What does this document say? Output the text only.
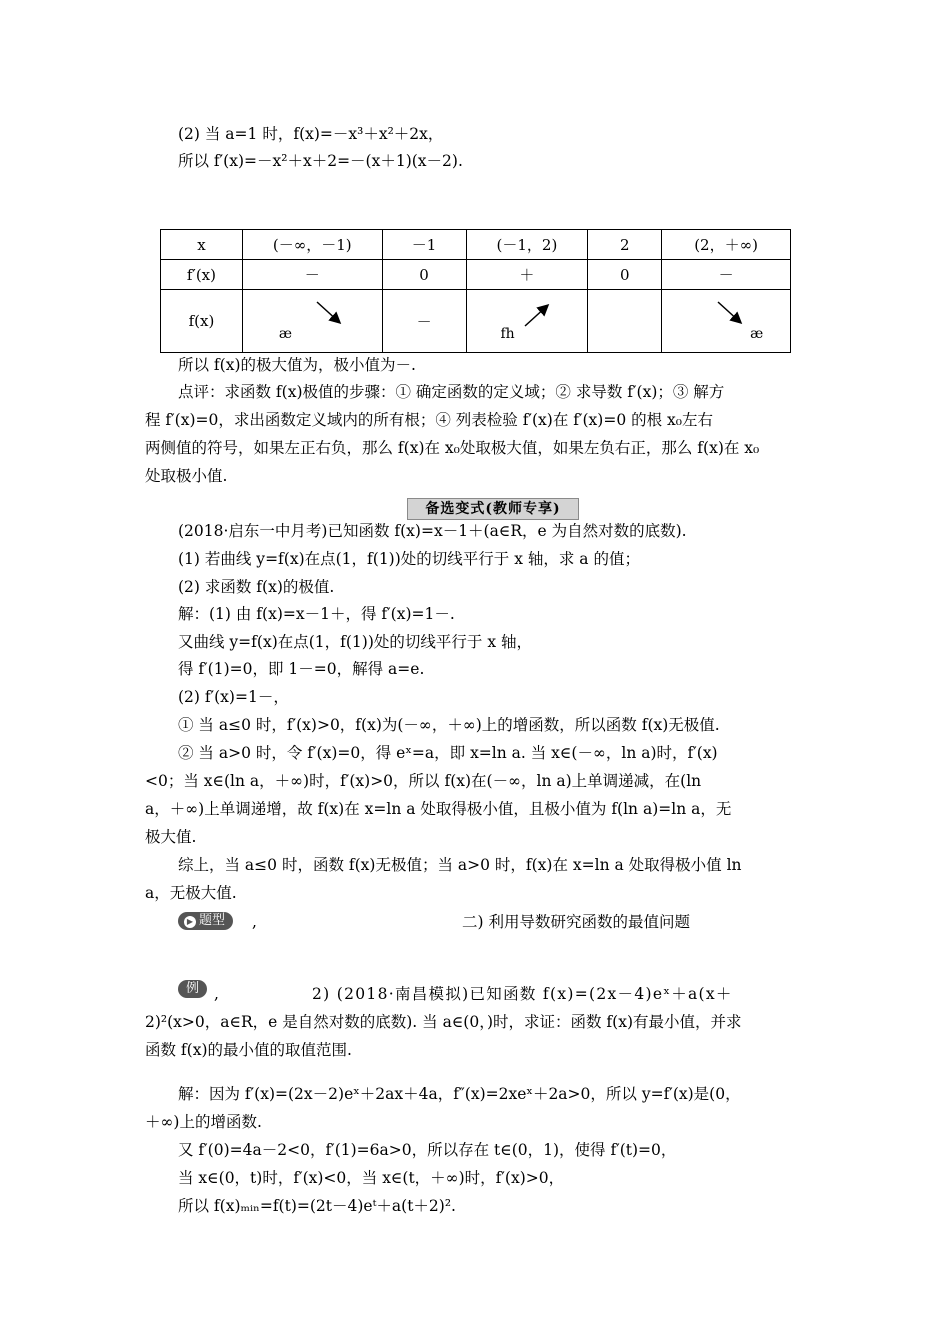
(2) 当 a=1 时，f(x)=－x³＋x²＋2x，
所以 f′(x)=－x²＋x＋2=－(x＋1)(x－2).
x	(－∞，－1)	－1	(－1，2)	2	(2，＋∞)
f′(x)	－	0	＋	0	－
f(x)	æ	－	fh		æ
所以 f(x)的极大值为，极小值为－.
点评：求函数 f(x)极值的步骤：① 确定函数的定义域；② 求导数 f′(x)；③ 解方
程 f′(x)=0，求出函数定义域内的所有根；④ 列表检验 f′(x)在 f′(x)=0 的根 x₀左右
两侧值的符号，如果左正右负，那么 f(x)在 x₀处取极大值，如果左负右正，那么 f(x)在 x₀
处取极小值.
备选变式(教师专享)
(2018·启东一中月考)已知函数 f(x)=x－1＋(a∈R，e 为自然对数的底数).
(1) 若曲线 y=f(x)在点(1，f(1))处的切线平行于 x 轴，求 a 的值；
(2) 求函数 f(x)的极值.
解：(1) 由 f(x)=x－1＋，得 f′(x)=1－.
又曲线 y=f(x)在点(1，f(1))处的切线平行于 x 轴，
得 f′(1)=0，即 1－=0，解得 a=e.
(2) f′(x)=1－，
① 当 a≤0 时，f′(x)>0，f(x)为(－∞，＋∞)上的增函数，所以函数 f(x)无极值.
② 当 a>0 时，令 f′(x)=0，得 eˣ=a，即 x=ln a. 当 x∈(－∞，ln a)时，f′(x)
<0；当 x∈(ln a，＋∞)时，f′(x)>0，所以 f(x)在(－∞，ln a)上单调递减，在(ln
a，＋∞)上单调递增，故 f(x)在 x=ln a 处取得极小值，且极小值为 f(ln a)=ln a，无
极大值.
综上，当 a≤0 时，函数 f(x)无极值；当 a>0 时，f(x)在 x=ln a 处取得极小值 ln
a，无极大值.
▶ 题型	,	二) 利用导数研究函数的最值问题
例 ,	2) (2018·南昌模拟)已知函数 f(x)=(2x－4)eˣ＋a(x＋
2)²(x>0，a∈R，e 是自然对数的底数). 当 a∈(0，)时，求证：函数 f(x)有最小值，并求
函数 f(x)的最小值的取值范围.
解：因为 f′(x)=(2x－2)eˣ＋2ax＋4a，f″(x)=2xeˣ＋2a>0，所以 y=f′(x)是(0，
＋∞)上的增函数.
又 f′(0)=4a－2<0，f′(1)=6a>0，所以存在 t∈(0，1)，使得 f′(t)=0，
当 x∈(0，t)时，f′(x)<0，当 x∈(t，＋∞)时，f′(x)>0，
所以 f(x)ₘᵢₙ=f(t)=(2t－4)eᵗ＋a(t＋2)².
